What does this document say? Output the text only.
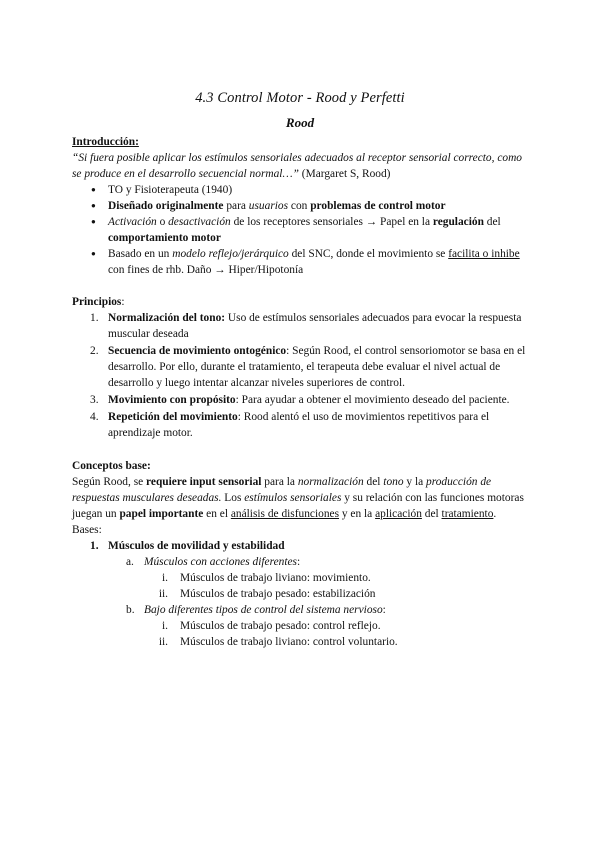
4.3 Control Motor - Rood y Perfetti
Rood
Introducción:

“Si fuera posible aplicar los estímulos sensoriales adecuados al receptor sensorial correcto, como se produce en el desarrollo secuencial normal…” (Margaret S, Rood)

● TO y Fisioterapeuta (1940)
● Diseñado originalmente para usuarios con problemas de control motor
● Activación o desactivación de los receptores sensoriales → Papel en la regulación del comportamiento motor
● Basado en un modelo reflejo/jerárquico del SNC, donde el movimiento se facilita o inhibe con fines de rhb. Daño → Hiper/Hipotonía
Principios:
1. Normalización del tono: Uso de estímulos sensoriales adecuados para evocar la respuesta muscular deseada
2. Secuencia de movimiento ontogénico: Según Rood, el control sensoriomotor se basa en el desarrollo. Por ello, durante el tratamiento, el terapeuta debe evaluar el nivel actual de desarrollo y luego intentar alcanzar niveles superiores de control.
3. Movimiento con propósito: Para ayudar a obtener el movimiento deseado del paciente.
4. Repetición del movimiento: Rood alentó el uso de movimientos repetitivos para el aprendizaje motor.
Conceptos base:

Según Rood, se requiere input sensorial para la normalización del tono y la producción de respuestas musculares deseadas. Los estímulos sensoriales y su relación con las funciones motoras juegan un papel importante en el análisis de disfunciones y en la aplicación del tratamiento. Bases:

1. Músculos de movilidad y estabilidad
a. Músculos con acciones diferentes:
i. Músculos de trabajo liviano: movimiento.
ii. Músculos de trabajo pesado: estabilización
b. Bajo diferentes tipos de control del sistema nervioso:
i. Músculos de trabajo pesado: control reflejo.
ii. Músculos de trabajo liviano: control voluntario.
